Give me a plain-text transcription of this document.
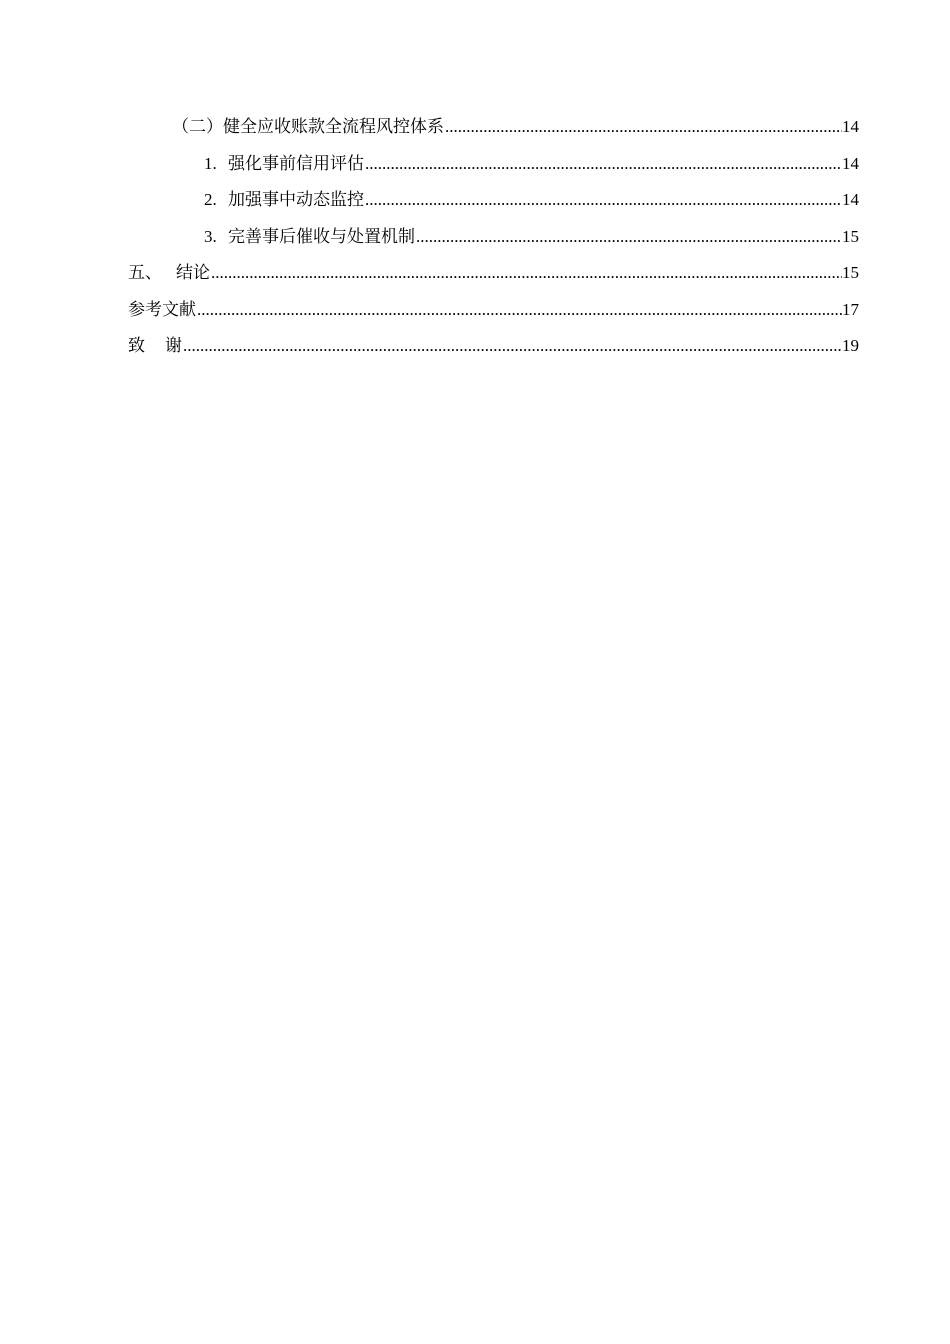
（二）健全应收账款全流程风控体系 .....	14
1. 强化事前信用评估 .....	14
2. 加强事中动态监控 .....	14
3. 完善事后催收与处置机制 .....	15
五、 结论 .....	15
参考文献 .....	17
致 谢 .....	19
